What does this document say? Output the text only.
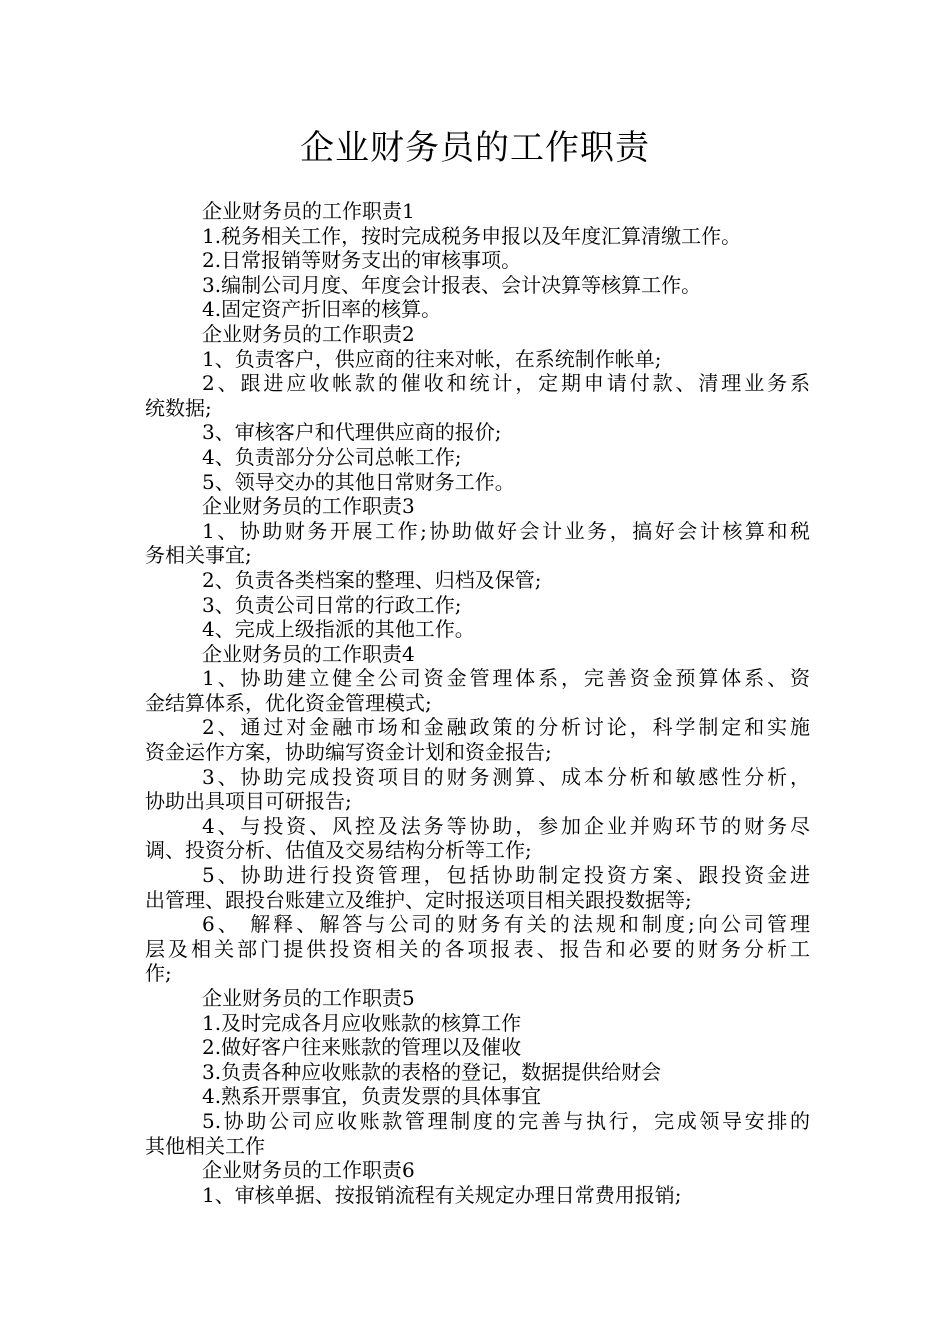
企业财务员的工作职责

企业财务员的工作职责1

1.税务相关工作，按时完成税务申报以及年度汇算清缴工作。

2.日常报销等财务支出的审核事项。

3.编制公司月度、年度会计报表、会计决算等核算工作。

4.固定资产折旧率的核算。

企业财务员的工作职责2

1、负责客户，供应商的往来对帐，在系统制作帐单;

2、跟进应收帐款的催收和统计，定期申请付款、清理业务系

统数据;

3、审核客户和代理供应商的报价;

4、负责部分分公司总帐工作;

5、领导交办的其他日常财务工作。

企业财务员的工作职责3

1、协助财务开展工作;协助做好会计业务，搞好会计核算和税

务相关事宜;

2、负责各类档案的整理、归档及保管;

3、负责公司日常的行政工作;

4、完成上级指派的其他工作。

企业财务员的工作职责4

1、协助建立健全公司资金管理体系，完善资金预算体系、资

金结算体系，优化资金管理模式;

2、通过对金融市场和金融政策的分析讨论，科学制定和实施

资金运作方案，协助编写资金计划和资金报告;

3、协助完成投资项目的财务测算、成本分析和敏感性分析，

协助出具项目可研报告;

4、与投资、风控及法务等协助，参加企业并购环节的财务尽

调、投资分析、估值及交易结构分析等工作;

5、协助进行投资管理，包括协助制定投资方案、跟投资金进

出管理、跟投台账建立及维护、定时报送项目相关跟投数据等;

6、 解释、解答与公司的财务有关的法规和制度;向公司管理

层及相关部门提供投资相关的各项报表、报告和必要的财务分析工

作;

企业财务员的工作职责5

1.及时完成各月应收账款的核算工作

2.做好客户往来账款的管理以及催收

3.负责各种应收账款的表格的登记，数据提供给财会

4.熟系开票事宜，负责发票的具体事宜

5.协助公司应收账款管理制度的完善与执行，完成领导安排的

其他相关工作

企业财务员的工作职责6

1、审核单据、按报销流程有关规定办理日常费用报销;
